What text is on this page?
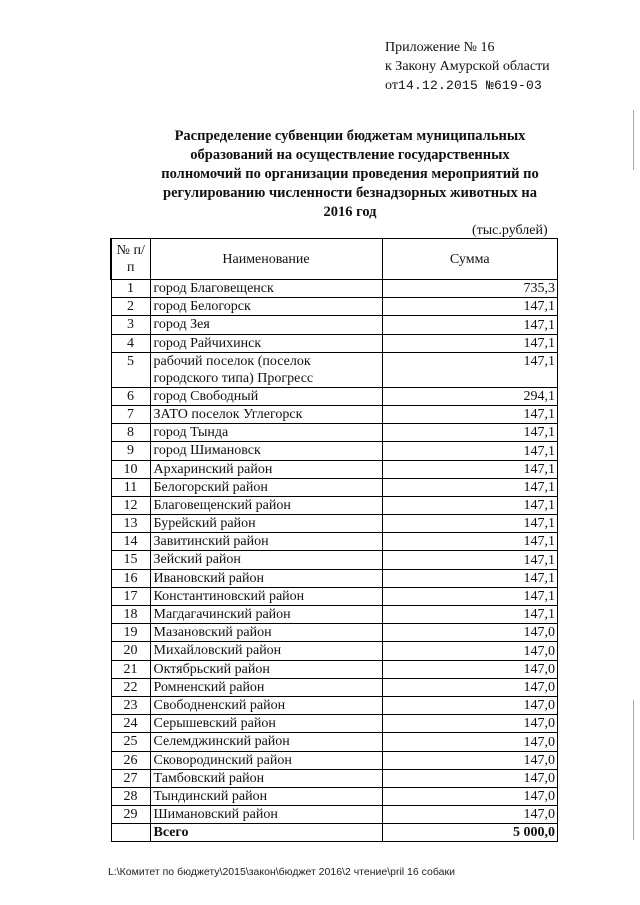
Приложение № 16
к Закону Амурской области
от14.12.2015 №619-03
Распределение субвенции бюджетам муниципальных образований на осуществление государственных полномочий по организации проведения мероприятий по регулированию численности безнадзорных животных на 2016 год
(тыс.рублей)
№ п/п	Наименование	Сумма
1	город Благовещенск	735,3
2	город Белогорск	147,1
3	город Зея	147,1
4	город Райчихинск	147,1
5	рабочий поселок (поселок городского типа) Прогресс	147,1
6	город Свободный	294,1
7	ЗАТО поселок Углегорск	147,1
8	город Тында	147,1
9	город Шимановск	147,1
10	Архаринский район	147,1
11	Белогорский район	147,1
12	Благовещенский район	147,1
13	Бурейский район	147,1
14	Завитинский район	147,1
15	Зейский район	147,1
16	Ивановский район	147,1
17	Константиновский район	147,1
18	Магдагачинский район	147,1
19	Мазановский район	147,0
20	Михайловский район	147,0
21	Октябрьский район	147,0
22	Ромненский район	147,0
23	Свободненский район	147,0
24	Серышевский район	147,0
25	Селемджинский район	147,0
26	Сковородинский район	147,0
27	Тамбовский район	147,0
28	Тындинский район	147,0
29	Шимановский район	147,0
	Всего	5 000,0
L:\Комитет по бюджету\2015\закон\бюджет 2016\2 чтение\pril 16 собаки
